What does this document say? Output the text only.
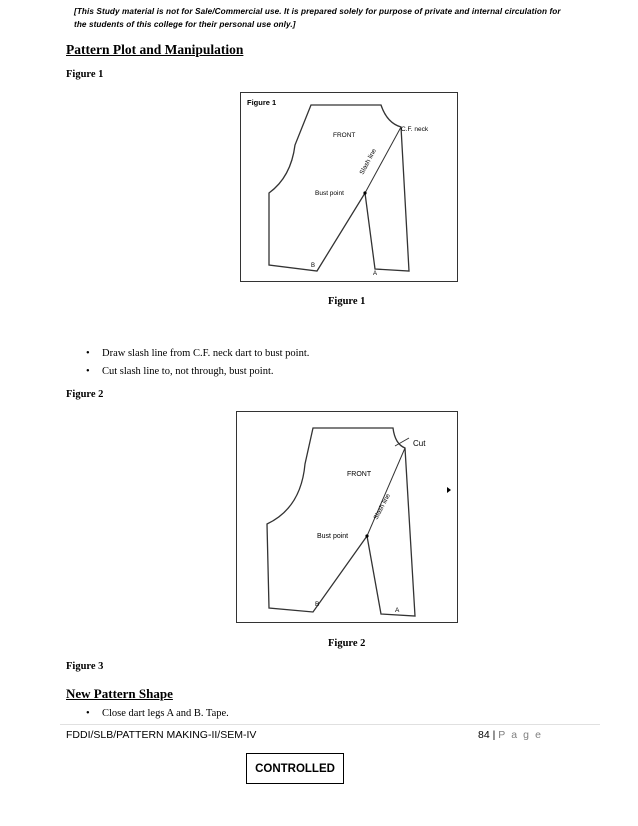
[This Study material is not for Sale/Commercial use. It is prepared solely for purpose of private and internal circulation for the students of this college for their personal use only.]
Pattern Plot and Manipulation
Figure 1
Figure 1
FRONT
C.F. neck
Slash line
Bust point
B
A
Figure 1
• Draw slash line from C.F. neck dart to bust point.
• Cut slash line to, not through, bust point.
Figure 2
FRONT
Cut
Slash line
Bust point
B
A
Figure 2
Figure 3
New Pattern Shape
• Close dart legs A and B. Tape.
FDDI/SLB/PATTERN MAKING-II/SEM-IV	84 | P a g e
CONTROLLED
